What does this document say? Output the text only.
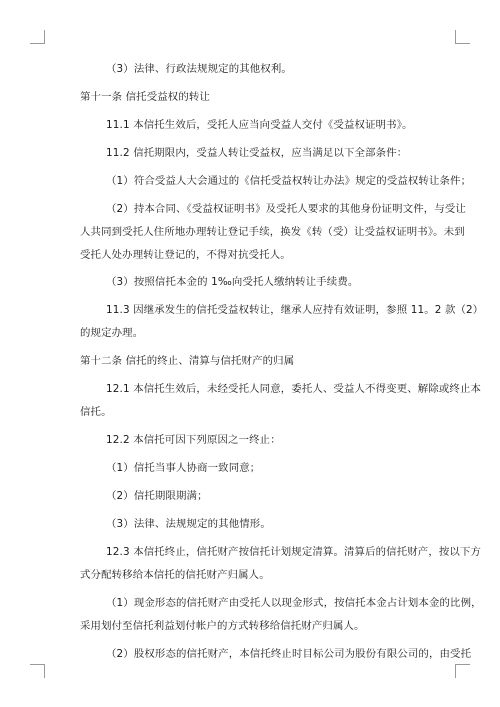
（3）法律、行政法规规定的其他权利。
第十一条 信托受益权的转让
11.1 本信托生效后，受托人应当向受益人交付《受益权证明书》。
11.2 信托期限内，受益人转让受益权，应当满足以下全部条件：
（1）符合受益人大会通过的《信托受益权转让办法》规定的受益权转让条件；
（2）持本合同、《受益权证明书》及受托人要求的其他身份证明文件，与受让
人共同到受托人住所地办理转让登记手续，换发《转（受）让受益权证明书》。未到
受托人处办理转让登记的，不得对抗受托人。
（3）按照信托本金的 1‰向受托人缴纳转让手续费。
11.3 因继承发生的信托受益权转让，继承人应持有效证明，参照 11。2 款（2）
的规定办理。
第十二条 信托的终止、清算与信托财产的归属
12.1 本信托生效后，未经受托人同意，委托人、受益人不得变更、解除或终止本
信托。
12.2 本信托可因下列原因之一终止：
（1）信托当事人协商一致同意；
（2）信托期限期满；
（3）法律、法规规定的其他情形。
12.3 本信托终止，信托财产按信托计划规定清算。清算后的信托财产，按以下方
式分配转移给本信托的信托财产归属人。
（1）现金形态的信托财产由受托人以现金形式，按信托本金占计划本金的比例，
采用划付至信托利益划付帐户的方式转移给信托财产归属人。
（2）股权形态的信托财产，本信托终止时目标公司为股份有限公司的，由受托
